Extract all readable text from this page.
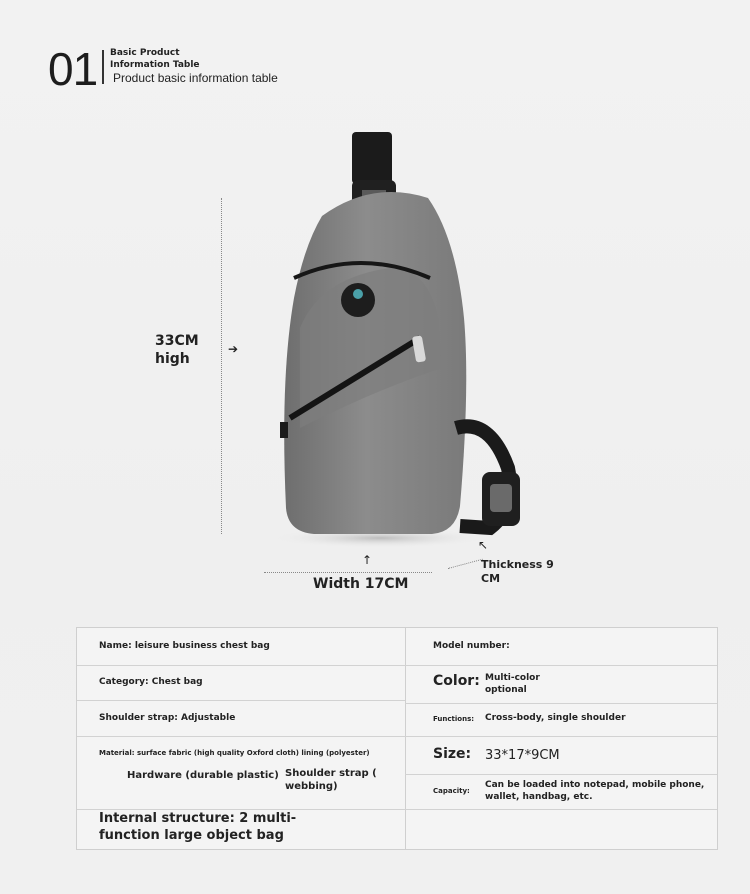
01 Basic Product
Information Table
Product basic information table
33CM
high
➔
↑
Width 17CM
↖
Thickness 9
CM
Name: leisure business chest bag
Category: Chest bag
Shoulder strap: Adjustable
Material: surface fabric (high quality Oxford cloth) lining (polyester)
Hardware (durable plastic) Shoulder strap (
webbing)
Internal structure: 2 multi-
function large object bag
Model number:
Color: Multi-color
optional
Functions: Cross-body, single shoulder
Size: 33*17*9CM
Capacity:
Can be loaded into notepad, mobile phone,
wallet, handbag, etc.
